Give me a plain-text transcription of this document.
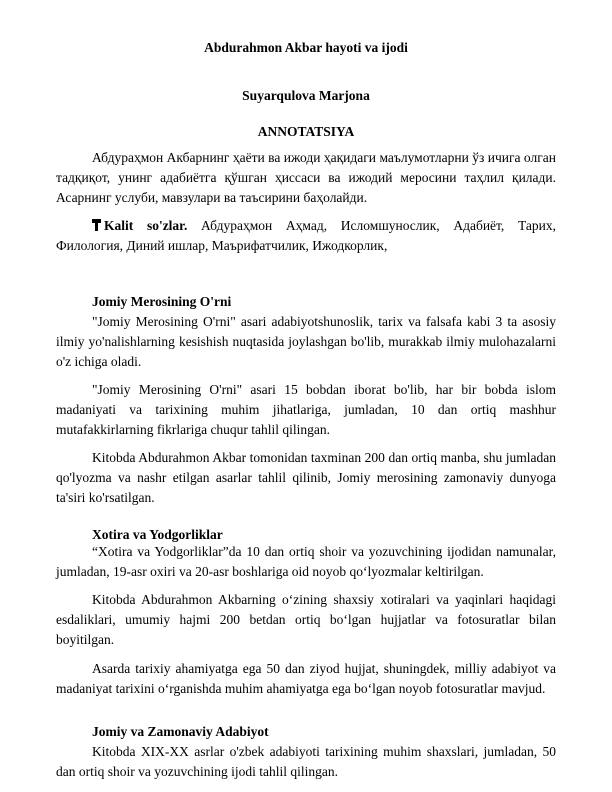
Abdurahmon Akbar hayoti va ijodi
Suyarqulova Marjona
ANNOTATSIYA
Абдураҳмон Акбарнинг ҳаёти ва ижоди ҳақидаги маълумотларни ўз ичига олган тадқиқот, унинг адабиётга қўшган ҳиссаси ва ижодий меросини таҳлил қилади. Асарнинг услуби, мавзулари ва таъсирини баҳолайди.
Kalit so'zlar. Абдураҳмон Аҳмад, Исломшунослик, Адабиёт, Тарих, Филология, Диний ишлар, Маърифатчилик, Ижодкорлик,
Jomiy Merosining O'rni
"Jomiy Merosining O'rni" asari adabiyotshunoslik, tarix va falsafa kabi 3 ta asosiy ilmiy yo'nalishlarning kesishish nuqtasida joylashgan bo'lib, murakkab ilmiy mulohazalarni o'z ichiga oladi.
"Jomiy Merosining O'rni" asari 15 bobdan iborat bo'lib, har bir bobda islom madaniyati va tarixining muhim jihatlariga, jumladan, 10 dan ortiq mashhur mutafakkirlarning fikrlariga chuqur tahlil qilingan.
Kitobda Abdurahmon Akbar tomonidan taxminan 200 dan ortiq manba, shu jumladan qo'lyozma va nashr etilgan asarlar tahlil qilinib, Jomiy merosining zamonaviy dunyoga ta'siri ko'rsatilgan.
Xotira va Yodgorliklar
“Xotira va Yodgorliklar”da 10 dan ortiq shoir va yozuvchining ijodidan namunalar, jumladan, 19-asr oxiri va 20-asr boshlariga oid noyob qo‘lyozmalar keltirilgan.
Kitobda Abdurahmon Akbarning o‘zining shaxsiy xotiralari va yaqinlari haqidagi esdaliklari, umumiy hajmi 200 betdan ortiq bo‘lgan hujjatlar va fotosuratlar bilan boyitilgan.
Asarda tarixiy ahamiyatga ega 50 dan ziyod hujjat, shuningdek, milliy adabiyot va madaniyat tarixini o‘rganishda muhim ahamiyatga ega bo‘lgan noyob fotosuratlar mavjud.
Jomiy va Zamonaviy Adabiyot
Kitobda XIX-XX asrlar o'zbek adabiyoti tarixining muhim shaxslari, jumladan, 50 dan ortiq shoir va yozuvchining ijodi tahlil qilingan.
